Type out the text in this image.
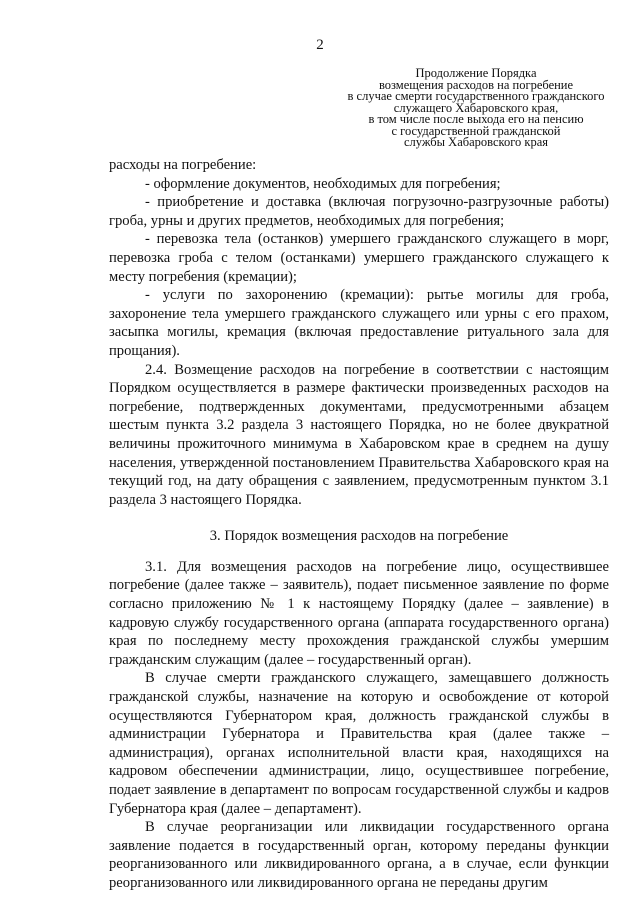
2
Продолжение Порядка
возмещения расходов на погребение
в случае смерти государственного гражданского
служащего Хабаровского края,
в том числе после выхода его на пенсию
с государственной гражданской
службы Хабаровского края

расходы на погребение:

- оформление документов, необходимых для погребения;

- приобретение и доставка (включая погрузочно-разгрузочные работы) гроба, урны и других предметов, необходимых для погребения;

- перевозка тела (останков) умершего гражданского служащего в морг, перевозка гроба с телом (останками) умершего гражданского служащего к месту погребения (кремации);

- услуги по захоронению (кремации): рытье могилы для гроба, захоронение тела умершего гражданского служащего или урны с его прахом, засыпка могилы, кремация (включая предоставление ритуального зала для прощания).

2.4. Возмещение расходов на погребение в соответствии с настоящим Порядком осуществляется в размере фактически произведенных расходов на погребение, подтвержденных документами, предусмотренными абзацем шестым пункта 3.2 раздела 3 настоящего Порядка, но не более двукратной величины прожиточного минимума в Хабаровском крае в среднем на душу населения, утвержденной постановлением Правительства Хабаровского края на текущий год, на дату обращения с заявлением, предусмотренным пунктом 3.1 раздела 3 настоящего Порядка.

3. Порядок возмещения расходов на погребение

3.1. Для возмещения расходов на погребение лицо, осуществившее погребение (далее также – заявитель), подает письменное заявление по форме согласно приложению № 1 к настоящему Порядку (далее – заявление) в кадровую службу государственного органа (аппарата государственного органа) края по последнему месту прохождения гражданской службы умершим гражданским служащим (далее – государственный орган).

В случае смерти гражданского служащего, замещавшего должность гражданской службы, назначение на которую и освобождение от которой осуществляются Губернатором края, должность гражданской службы в администрации Губернатора и Правительства края (далее также – администрация), органах исполнительной власти края, находящихся на кадровом обеспечении администрации, лицо, осуществившее погребение, подает заявление в департамент по вопросам государственной службы и кадров Губернатора края (далее – департамент).

В случае реорганизации или ликвидации государственного органа заявление подается в государственный орган, которому переданы функции реорганизованного или ликвидированного органа, а в случае, если функции реорганизованного или ликвидированного органа не переданы другим
